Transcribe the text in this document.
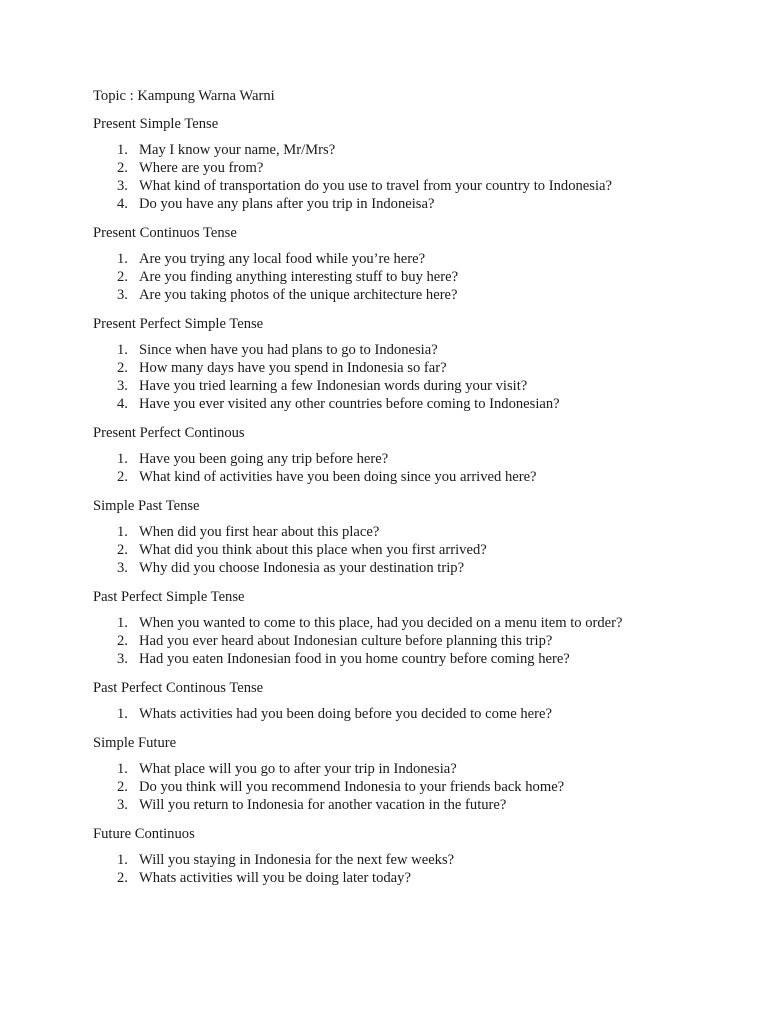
Topic : Kampung Warna Warni
Present Simple Tense
1. May I know your name, Mr/Mrs?
2. Where are you from?
3. What kind of transportation do you use to travel from your country to Indonesia?
4. Do you have any plans after you trip in Indoneisa?
Present Continuos Tense
1. Are you trying any local food while you’re here?
2. Are you finding anything interesting stuff to buy here?
3. Are you taking photos of the unique architecture here?
Present Perfect Simple Tense
1. Since when have you had plans to go to Indonesia?
2. How many days have you spend in Indonesia so far?
3. Have you tried learning a few Indonesian words during your visit?
4. Have you ever visited any other countries before coming to Indonesian?
Present Perfect Continous
1. Have you been going any trip before here?
2. What kind of activities have you been doing since you arrived here?
Simple Past Tense
1. When did you first hear about this place?
2. What did you think about this place when you first arrived?
3. Why did you choose Indonesia as your destination trip?
Past Perfect Simple Tense
1. When you wanted to come to this place, had you decided on a menu item to order?
2. Had you ever heard about Indonesian culture before planning this trip?
3. Had you eaten Indonesian food in you home country before coming here?
Past Perfect Continous Tense
1. Whats activities had you been doing before you decided to come here?
Simple Future
1. What place will you go to after your trip in Indonesia?
2. Do you think will you recommend Indonesia to your friends back home?
3. Will you return to Indonesia for another vacation in the future?
Future Continuos
1. Will you staying in Indonesia for the next few weeks?
2. Whats activities will you be doing later today?
